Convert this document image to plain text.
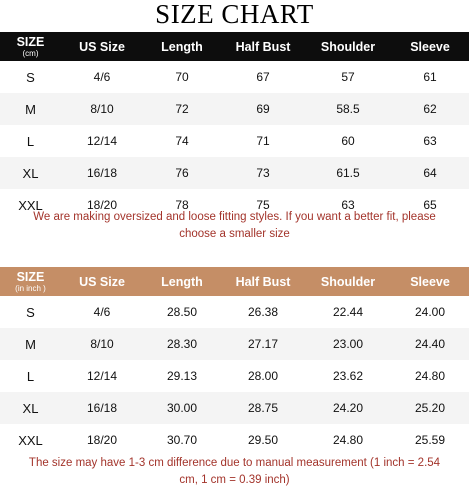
SIZE CHART
SIZE
(cm)	US Size	Length	Half Bust	Shoulder	Sleeve
S	4/6	70	67	57	61
M	8/10	72	69	58.5	62
L	12/14	74	71	60	63
XL	16/18	76	73	61.5	64
XXL	18/20	78	75	63	65
We are making oversized and loose fitting styles. If you want a better fit, please choose a smaller size
SIZE
(in inch )	US Size	Length	Half Bust	Shoulder	Sleeve
S	4/6	28.50	26.38	22.44	24.00
M	8/10	28.30	27.17	23.00	24.40
L	12/14	29.13	28.00	23.62	24.80
XL	16/18	30.00	28.75	24.20	25.20
XXL	18/20	30.70	29.50	24.80	25.59
The size may have 1-3 cm difference due to manual measurement (1 inch = 2.54 cm, 1 cm = 0.39 inch)
